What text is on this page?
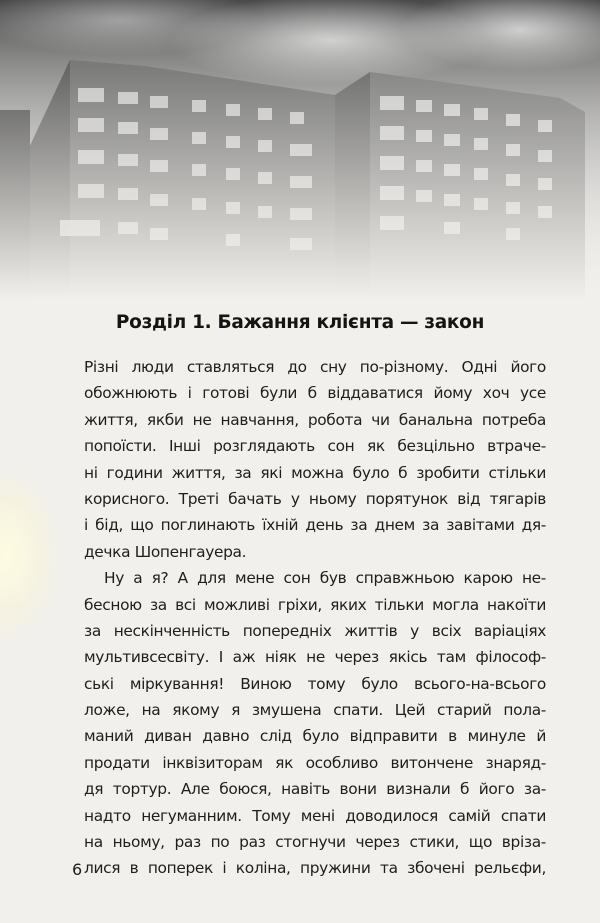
Розділ 1. Бажання клієнта — закон

Різні люди ставляться до сну по-різному. Одні його
обожнюють і готові були б віддаватися йому хоч усе
життя, якби не навчання, робота чи банальна потреба
попоїсти. Інші розглядають сон як безцільно втраче-
ні години життя, за які можна було б зробити стільки
корисного. Треті бачать у ньому порятунок від тягарів
і бід, що поглинають їхній день за днем за завітами дя-
дечка Шопенгауера.

Ну а я? А для мене сон був справжньою карою не-
бесною за всі можливі гріхи, яких тільки могла накоїти
за нескінченність попередніх життів у всіх варіаціях
мультивсесвіту. І аж ніяк не через якісь там філософ-
ські міркування! Виною тому було всього-на-всього
ложе, на якому я змушена спати. Цей старий пола-
маний диван давно слід було відправити в минуле й
продати інквізиторам як особливо витончене знаряд-
дя тортур. Але боюся, навіть вони визнали б його за-
надто негуманним. Тому мені доводилося самій спати
на ньому, раз по раз стогнучи через стики, що вріза-
лися в поперек і коліна, пружини та збочені рельєфи,

6
